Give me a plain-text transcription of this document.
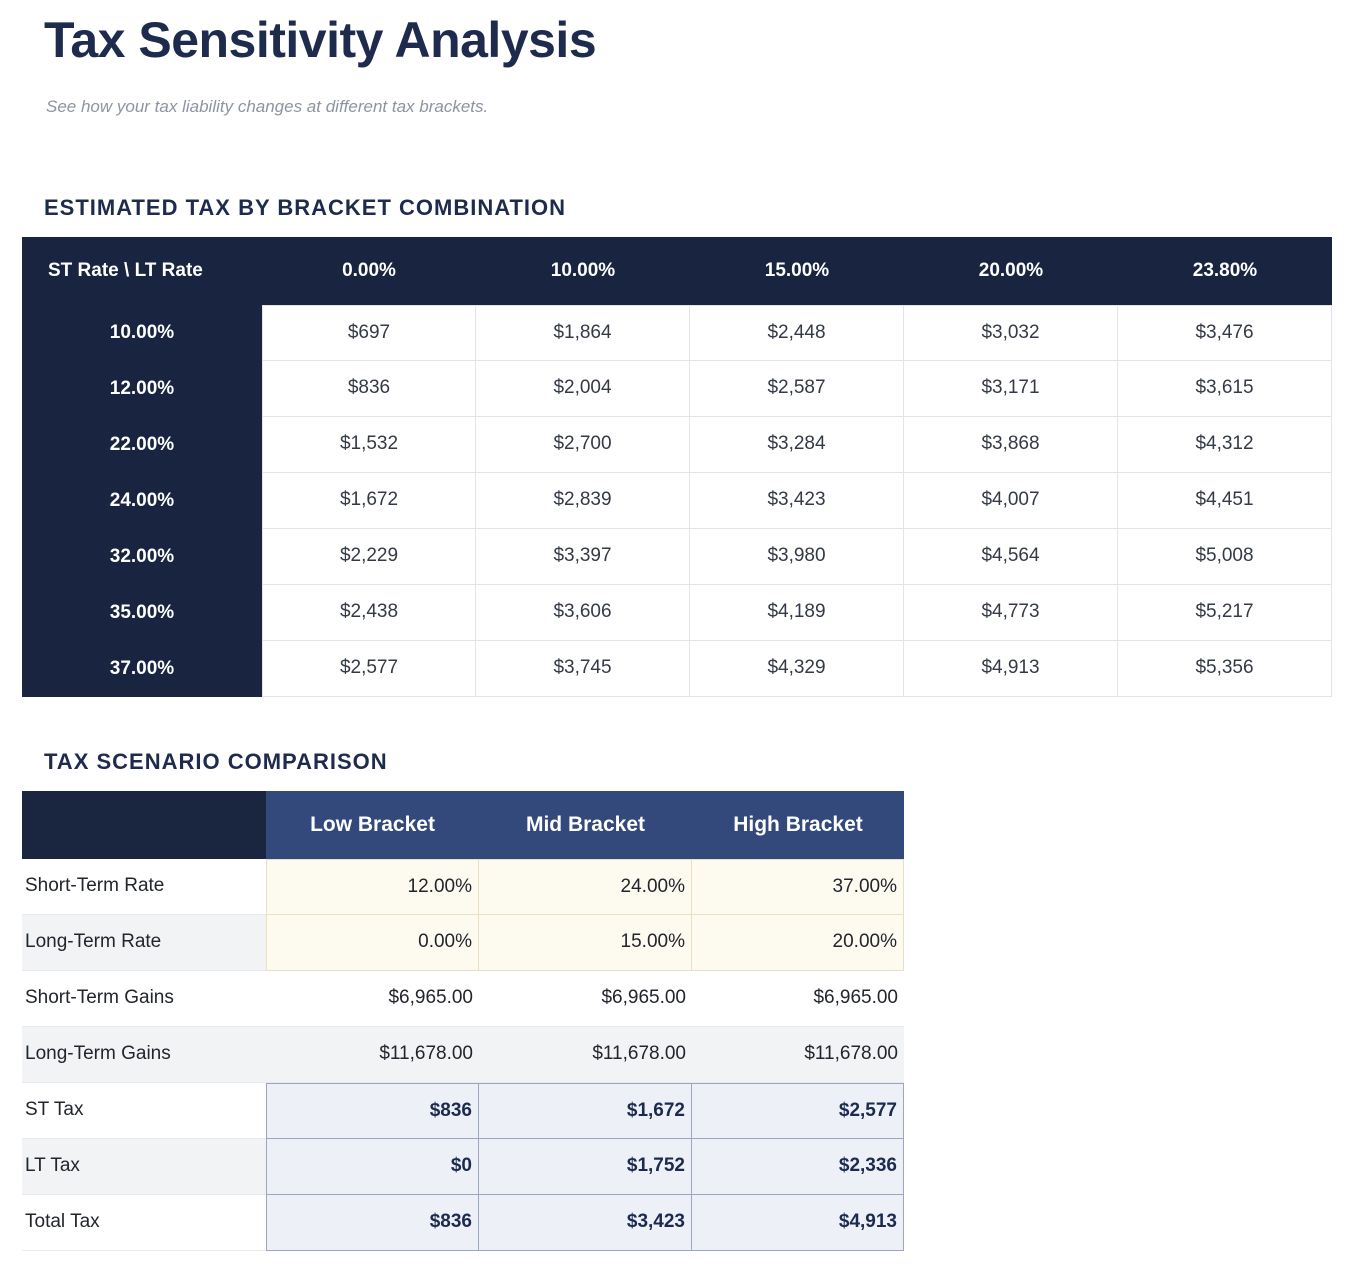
Tax Sensitivity Analysis

See how your tax liability changes at different tax brackets.

ESTIMATED TAX BY BRACKET COMBINATION
ST Rate \ LT Rate	0.00%	10.00%	15.00%	20.00%	23.80%
10.00%	$697	$1,864	$2,448	$3,032	$3,476
12.00%	$836	$2,004	$2,587	$3,171	$3,615
22.00%	$1,532	$2,700	$3,284	$3,868	$4,312
24.00%	$1,672	$2,839	$3,423	$4,007	$4,451
32.00%	$2,229	$3,397	$3,980	$4,564	$5,008
35.00%	$2,438	$3,606	$4,189	$4,773	$5,217
37.00%	$2,577	$3,745	$4,329	$4,913	$5,356
TAX SCENARIO COMPARISON
	Low Bracket	Mid Bracket	High Bracket
Short-Term Rate	12.00%	24.00%	37.00%
Long-Term Rate	0.00%	15.00%	20.00%
Short-Term Gains	$6,965.00	$6,965.00	$6,965.00
Long-Term Gains	$11,678.00	$11,678.00	$11,678.00
ST Tax	$836	$1,672	$2,577
LT Tax	$0	$1,752	$2,336
Total Tax	$836	$3,423	$4,913
